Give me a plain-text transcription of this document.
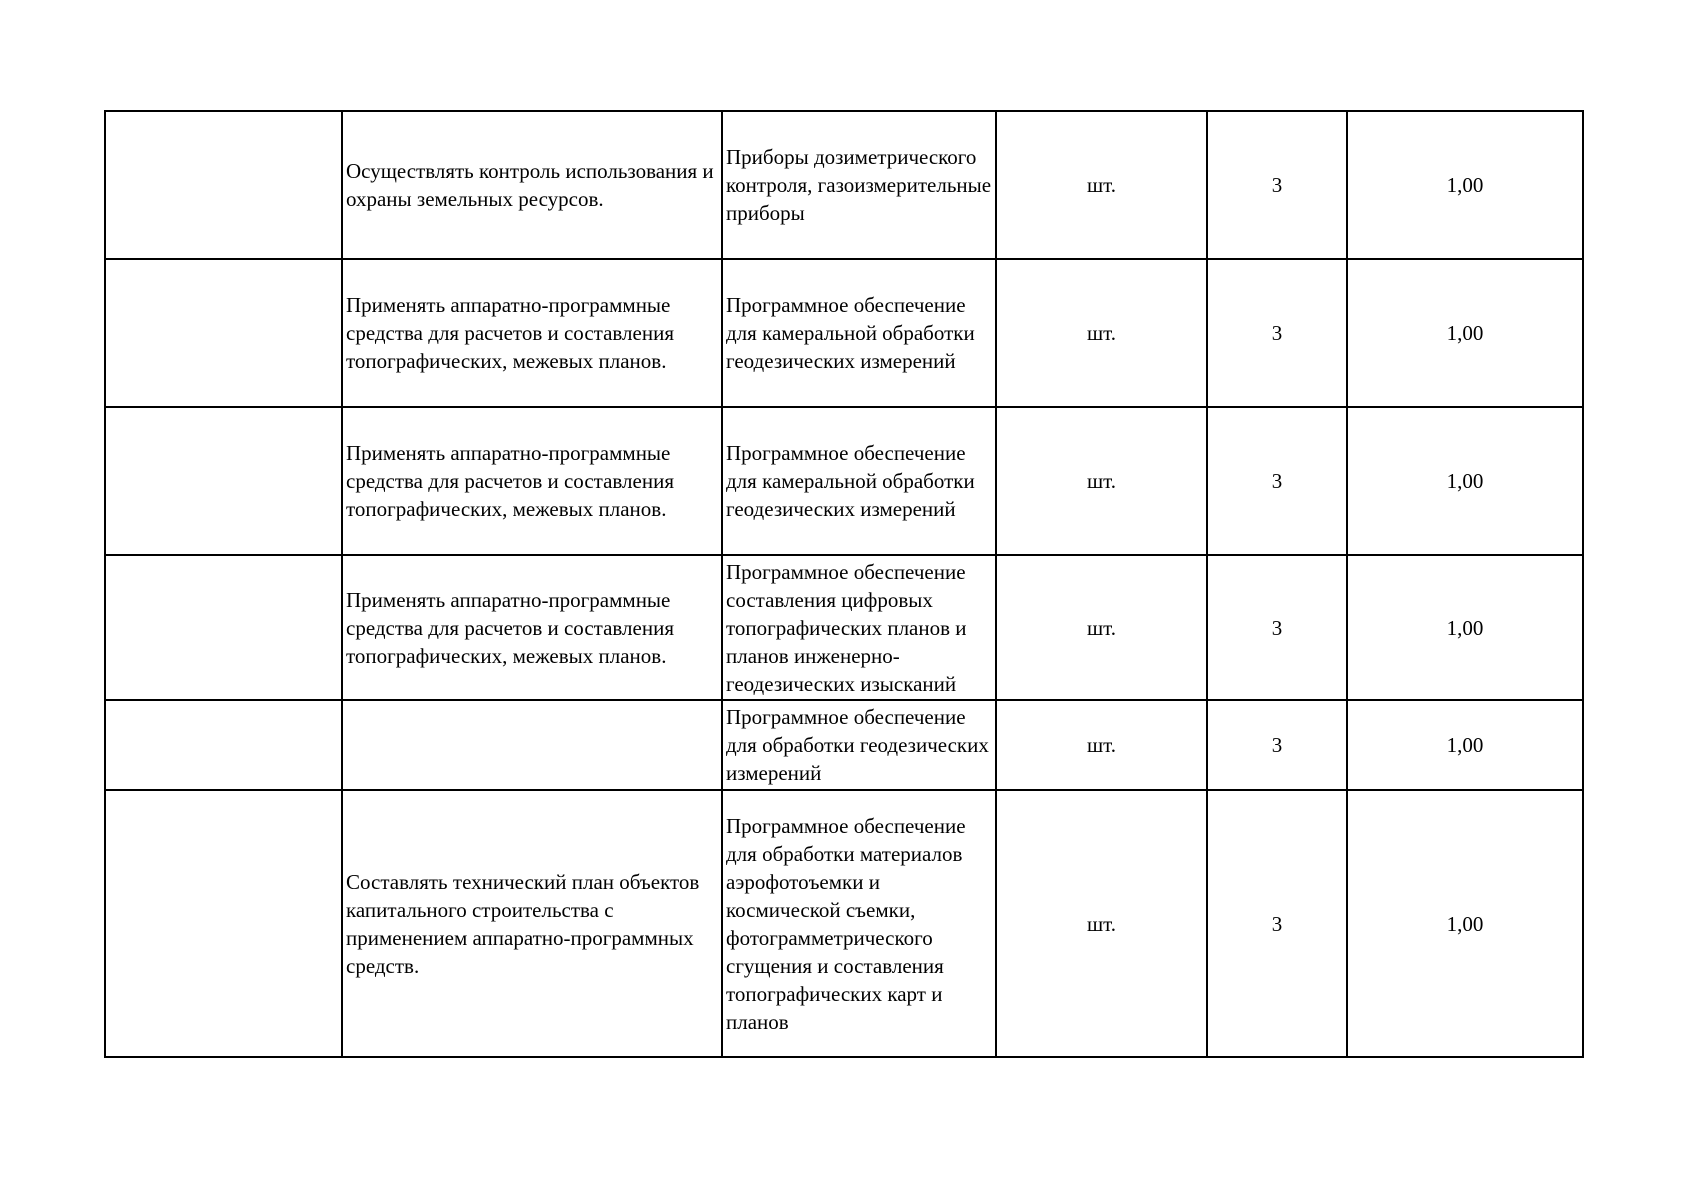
	Осуществлять контроль использования и охраны земельных ресурсов.	Приборы дозиметрического контроля, газоизмерительные приборы	шт.	3	1,00
	Применять аппаратно-программные средства для расчетов и составления топографических, межевых планов.	Программное обеспечение для камеральной обработки геодезических измерений	шт.	3	1,00
	Применять аппаратно-программные средства для расчетов и составления топографических, межевых планов.	Программное обеспечение для камеральной обработки геодезических измерений	шт.	3	1,00
	Применять аппаратно-программные средства для расчетов и составления топографических, межевых планов.	Программное обеспечение составления цифровых топографических планов и планов инженерно-геодезических изысканий	шт.	3	1,00
		Программное обеспечение для обработки геодезических измерений	шт.	3	1,00
	Составлять технический план объектов капитального строительства с применением аппаратно-программных средств.	Программное обеспечение для обработки материалов аэрофотоъемки и космической съемки, фотограмметрического сгущения и составления топографических карт и планов	шт.	3	1,00
